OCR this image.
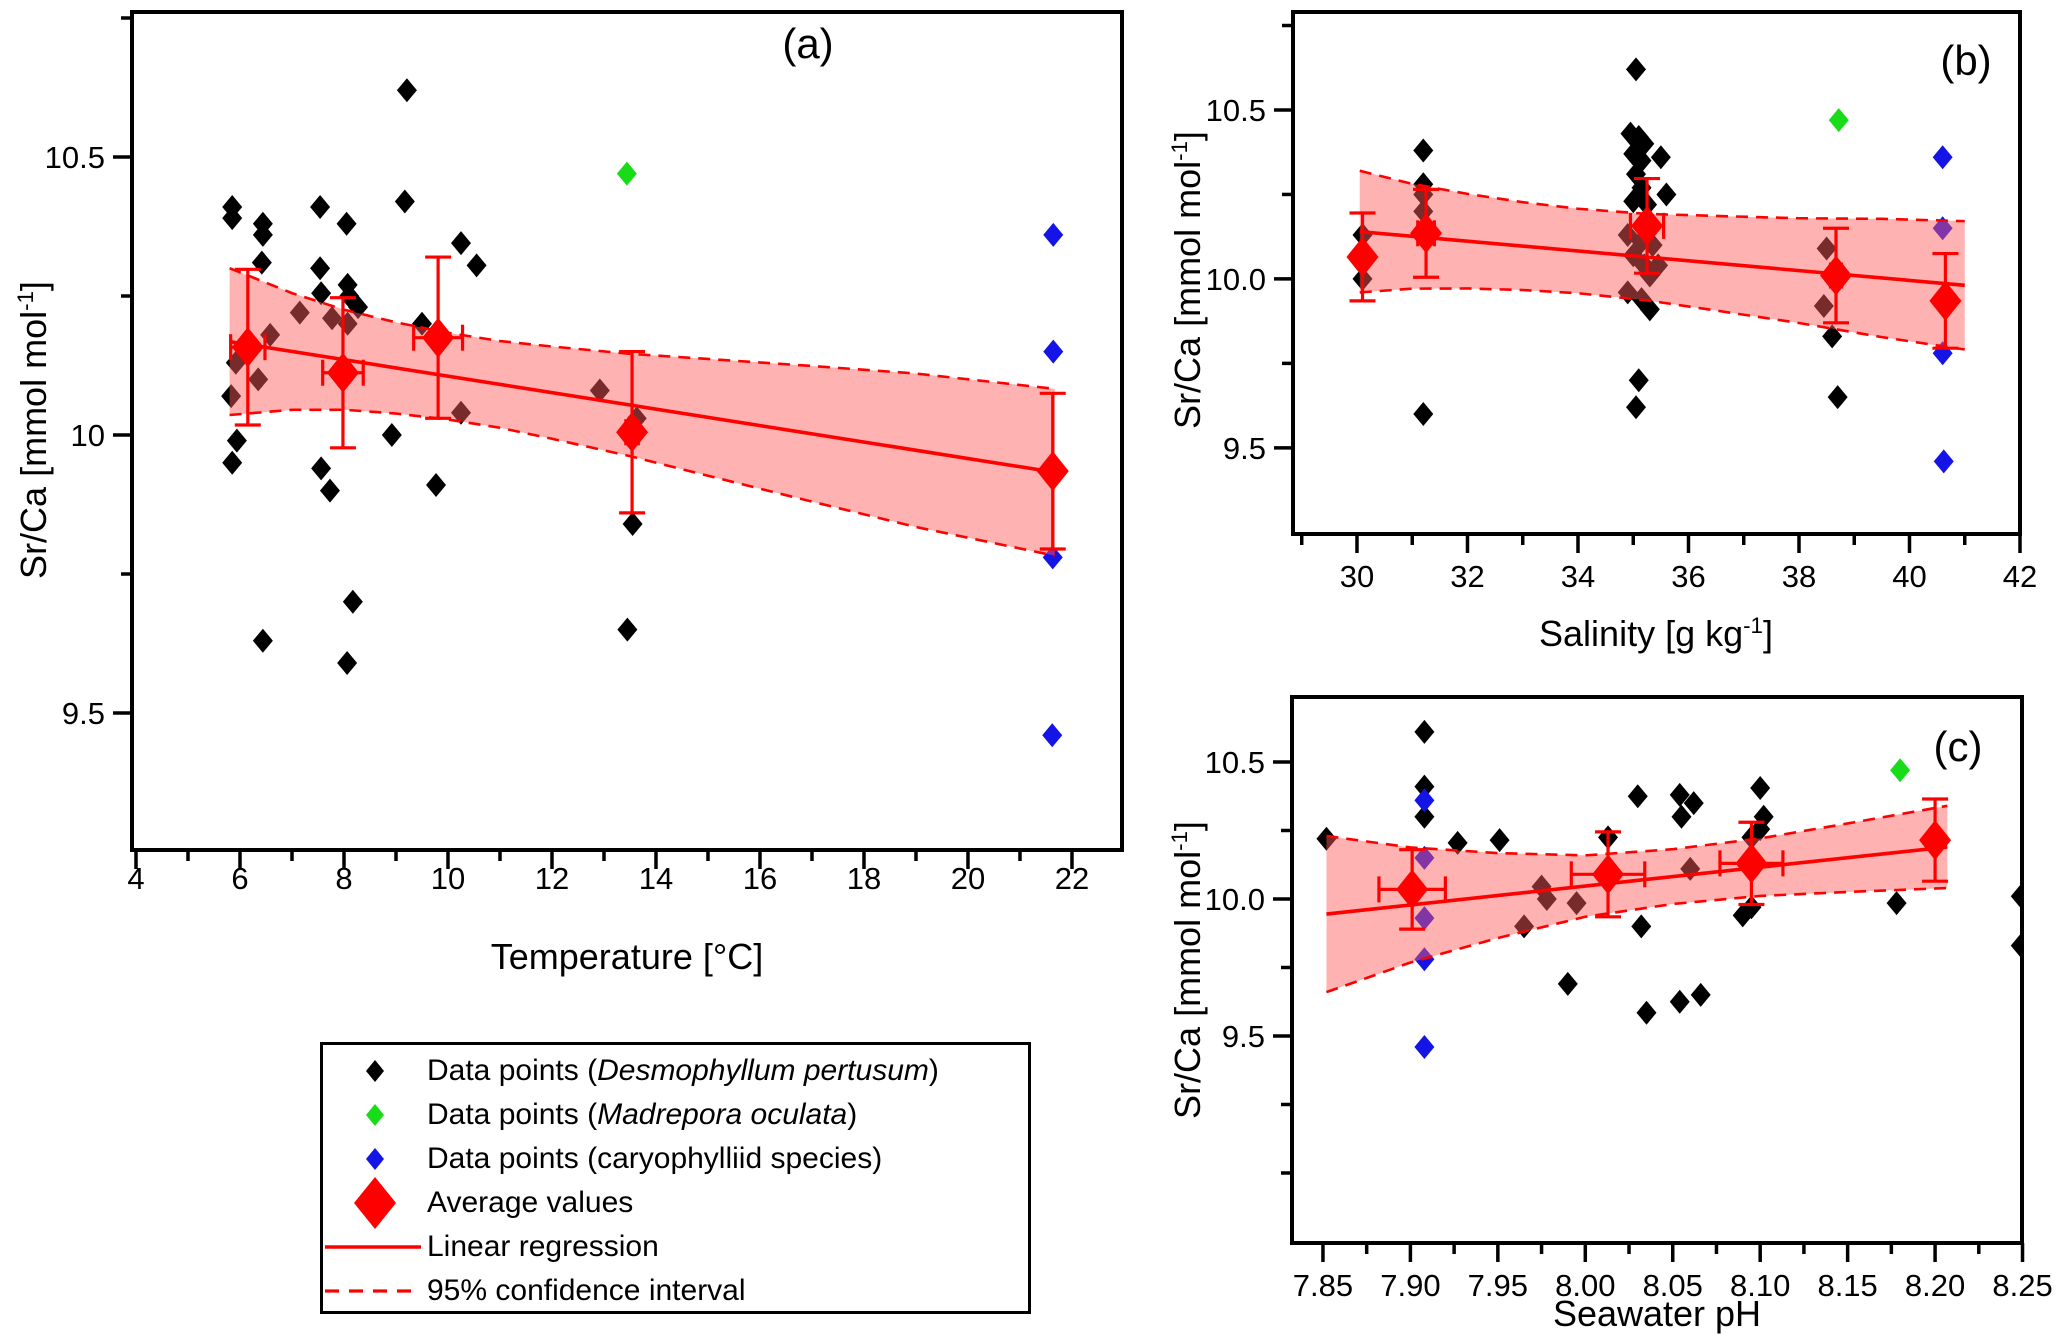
4	6	8	10 12 14 16 18 20 22
9.5
10
10.5
(a)
30 32 34 36 38 40 42
9.5
10.0
10.5
(b)
7.85 7.90 7.95 8.00 8.05 8.10 8.15 8.20 8.25
9.5
10.0
10.5	(c)
Sr/Ca [mmol mol$^{-1}$]
Temperature [°C]
Sr/Ca [mmol mol$^{-1}$]
Salinity [g $kg^{-1}$]
Sr/Ca [mmol mol$^{-1}$]
Seawater pH
Data points (Desmophyllum pertusum)
Data points (Madrepora oculata)
Data points (caryophylliid species)
Average values
Linear regression
95% confidence interval
